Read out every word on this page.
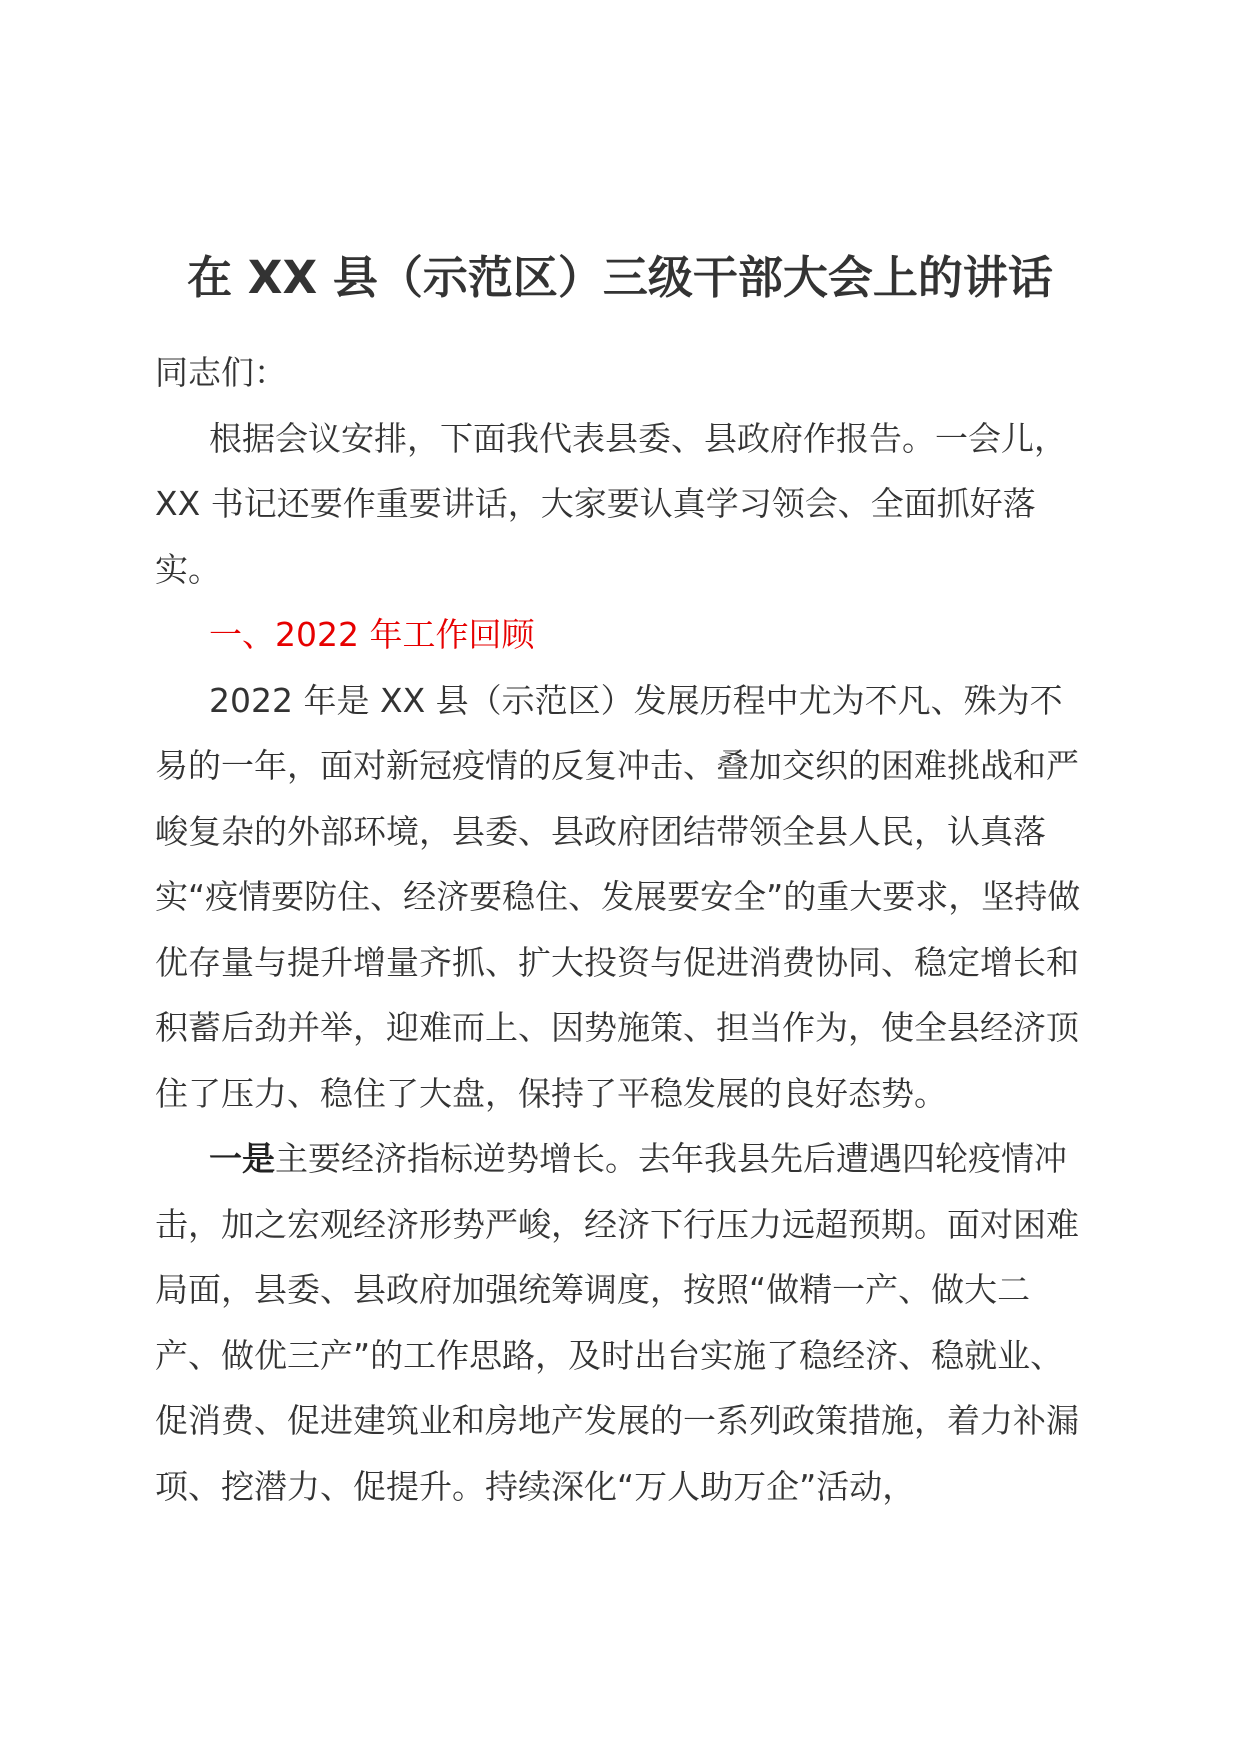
在 XX 县（示范区）三级干部大会上的讲话

同志们：

根据会议安排，下面我代表县委、县政府作报告。一会儿，XX 书记还要作重要讲话，大家要认真学习领会、全面抓好落实。

一、2022 年工作回顾

2022 年是 XX 县（示范区）发展历程中尤为不凡、殊为不易的一年，面对新冠疫情的反复冲击、叠加交织的困难挑战和严峻复杂的外部环境，县委、县政府团结带领全县人民，认真落实“疫情要防住、经济要稳住、发展要安全”的重大要求，坚持做优存量与提升增量齐抓、扩大投资与促进消费协同、稳定增长和积蓄后劲并举，迎难而上、因势施策、担当作为，使全县经济顶住了压力、稳住了大盘，保持了平稳发展的良好态势。

一是主要经济指标逆势增长。去年我县先后遭遇四轮疫情冲击，加之宏观经济形势严峻，经济下行压力远超预期。面对困难局面，县委、县政府加强统筹调度，按照“做精一产、做大二产、做优三产”的工作思路，及时出台实施了稳经济、稳就业、促消费、促进建筑业和房地产发展的一系列政策措施，着力补漏项、挖潜力、促提升。持续深化“万人助万企”活动，
